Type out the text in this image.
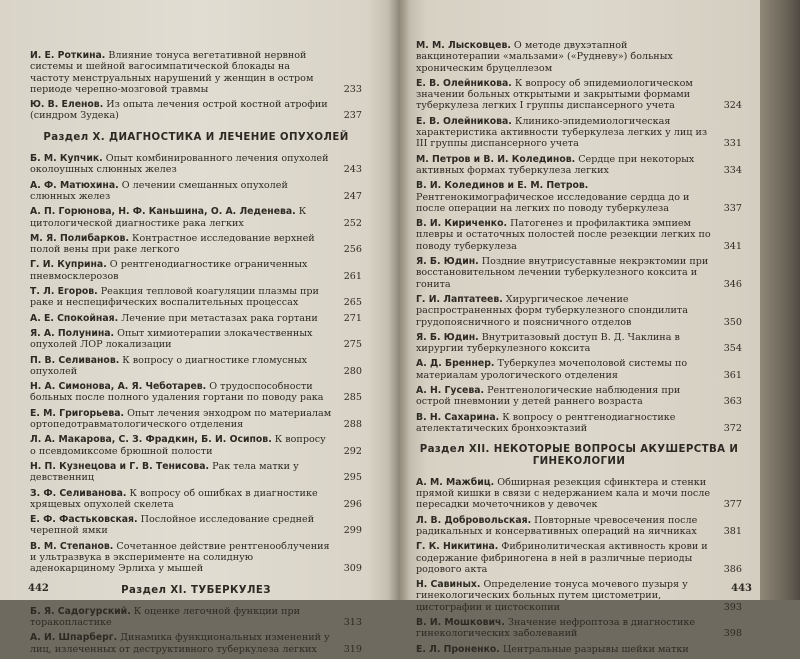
И. Е. Роткина. Влияние тонуса вегетативной нервной системы и шейной вагосимпатической блокады на частоту менструальных нарушений у женщин в остром периоде черепно-мозговой травмы	233
Ю. В. Еленов. Из опыта лечения острой костной атрофии (синдром Зудека)	237
Раздел X. ДИАГНОСТИКА И ЛЕЧЕНИЕ ОПУХОЛЕЙ
Б. М. Купчик. Опыт комбинированного лечения опухолей околоушных слюнных желез	243
А. Ф. Матюхина. О лечении смешанных опухолей слюнных желез	247
А. П. Горюнова, Н. Ф. Каньшина, О. А. Леденева. К цитологической диагностике рака легких	252
М. Я. Полибарков. Контрастное исследование верхней полой вены при раке легкого	256
Г. И. Куприна. О рентгенодиагностике ограниченных пневмосклерозов	261
Т. Л. Егоров. Реакция тепловой коагуляции плазмы при раке и неспецифических воспалительных процессах	265
А. Е. Спокойная. Лечение при метастазах рака гортани	271
Я. А. Полунина. Опыт химиотерапии злокачественных опухолей ЛОР локализации	275
П. В. Селиванов. К вопросу о диагностике гломусных опухолей	280
Н. А. Симонова, А. Я. Чеботарев. О трудоспособности больных после полного удаления гортани по поводу рака	285
Е. М. Григорьева. Опыт лечения энходром по материалам ортопедотравматологического отделения	288
Л. А. Макарова, С. З. Фрадкин, Б. И. Осипов. К вопросу о псевдомиксоме брюшной полости	292
Н. П. Кузнецова и Г. В. Тенисова. Рак тела матки у девственниц	295
З. Ф. Селиванова. К вопросу об ошибках в диагностике хрящевых опухолей скелета	296
Е. Ф. Фастьковская. Послойное исследование средней черепной ямки	299
В. М. Степанов. Сочетанное действие рентгенооблучения и ультразвука в эксперименте на солидную аденокарциному Эрлиха у мышей	309
Раздел XI. ТУБЕРКУЛЕЗ
Б. Я. Садогурский. К оценке легочной функции при торакопластике	313
А. И. Шпарберг. Динамика функциональных изменений у лиц, излеченных от деструктивного туберкулеза легких	319
442
М. М. Лысковцев. О методе двухэтапной вакцинотерапии «мальзами» («Рудневу») больных хроническим бруцеллезом
Е. В. Олейникова. К вопросу об эпидемиологическом значении больных открытыми и закрытыми формами туберкулеза легких I группы диспансерного учета	324
Е. В. Олейникова. Клинико-эпидемиологическая характеристика активности туберкулеза легких у лиц из III группы диспансерного учета	331
М. Петров и В. И. Колединов. Сердце при некоторых активных формах туберкулеза легких	334
В. И. Колединов и Е. М. Петров. Рентгенокимографическое исследование сердца до и после операции на легких по поводу туберкулеза	337
В. И. Кириченко. Патогенез и профилактика эмпием плевры и остаточных полостей после резекции легких по поводу туберкулеза	341
Я. Б. Юдин. Поздние внутрисуставные некрэктомии при восстановительном лечении туберкулезного коксита и гонита	346
Г. И. Лаптатеев. Хирургическое лечение распространенных форм туберкулезного спондилита грудопоясничного и поясничного отделов	350
Я. Б. Юдин. Внутритазовый доступ В. Д. Чаклина в хирургии туберкулезного коксита	354
А. Д. Бреннер. Туберкулез мочеполовой системы по материалам урологического отделения	361
А. Н. Гусева. Рентгенологические наблюдения при острой пневмонии у детей раннего возраста	363
В. Н. Сахарина. К вопросу о рентгенодиагностике ателектатических бронхоэктазий	372
Раздел XII. НЕКОТОРЫЕ ВОПРОСЫ АКУШЕРСТВА И ГИНЕКОЛОГИИ
А. М. Мажбиц. Обширная резекция сфинктера и стенки прямой кишки в связи с недержанием кала и мочи после пересадки мочеточников у девочек	377
Л. В. Добровольская. Повторные чревосечения после радикальных и консервативных операций на яичниках	381
Г. К. Никитина. Фибринолитическая активность крови и содержание фибриногена в ней в различные периоды родового акта	386
Н. Савиных. Определение тонуса мочевого пузыря у гинекологических больных путем цистометрии, цистографии и цистоскопии	393
В. И. Мошкович. Значение нефроптоза в диагностике гинекологических заболеваний	398
Е. Л. Проненко. Центральные разрывы шейки матки
443
